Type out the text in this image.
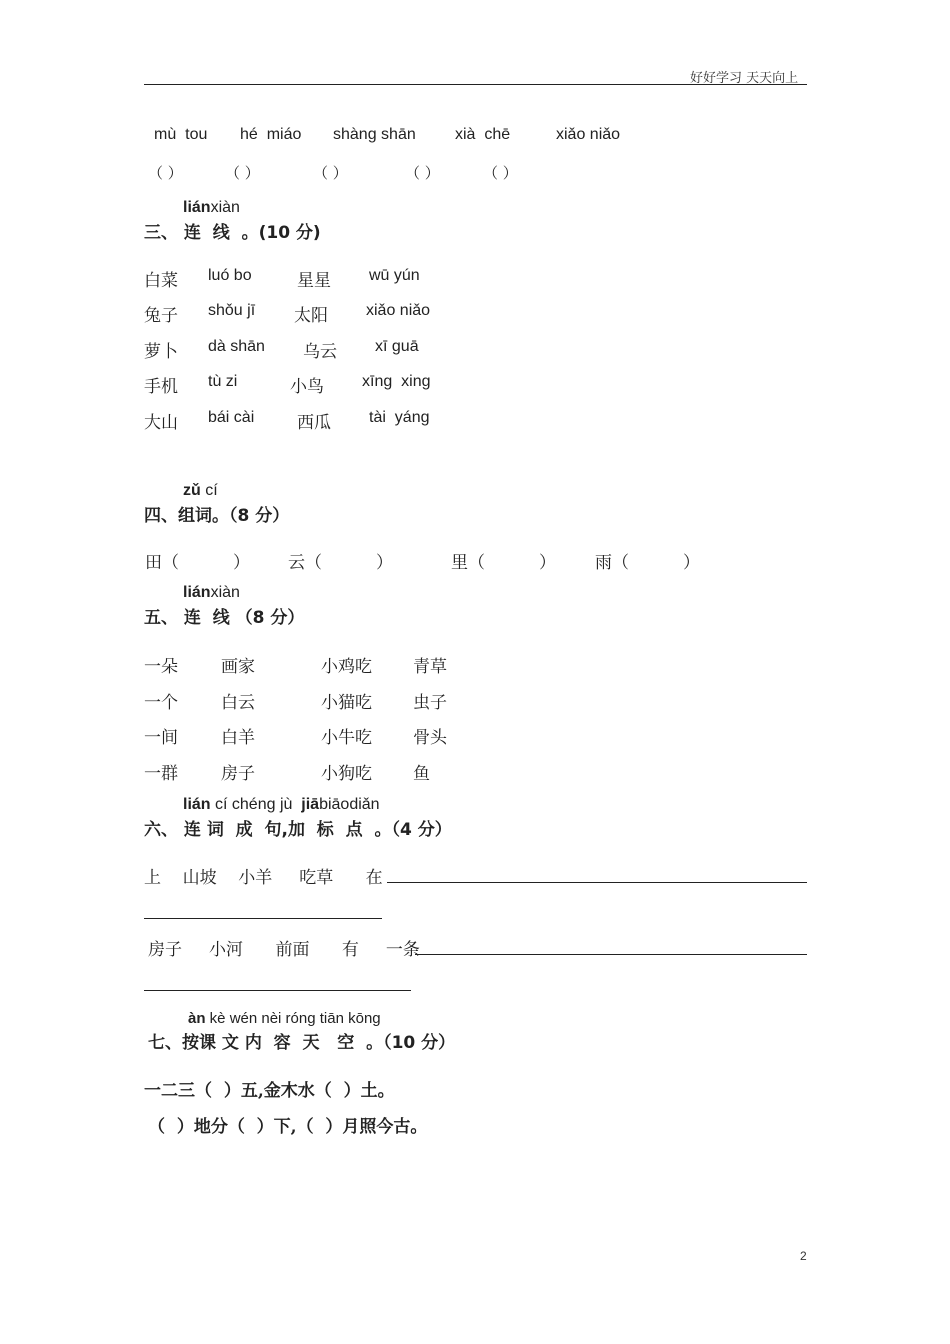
好好学习 天天向上
mù  tou hé  miáo shàng shān xià  chē	xiǎo niǎo
（ ）	（ ）	（ ）	（ ）	（ ）
liánxiàn
三、 连  线  。(10 分)
白菜 luó bo	星星 wū yún
兔子 shǒu jī 太阳 xiǎo niǎo
萝卜 dà shān 乌云 xī guā
手机 tù zi	小鸟 xīng  xing
大山 bái cài	西瓜 tài  yáng
zǔ cí
四、组词。（8 分）
田（          ） 云（          ）	里（          ） 雨（          ）
liánxiàn
五、 连  线 （8 分）
一朵	画家	小鸡吃 青草
一个	白云	小猫吃 虫子
一间	白羊	小牛吃 骨头
一群	房子	小狗吃 鱼
lián cí chéng jù  jiābiāodiǎn
六、 连 词  成  句,加  标  点  。（4 分）
上    山坡    小羊     吃草      在
房子     小河      前面      有     一条
àn kè wén nèi róng tiān kōng
七、按课 文 内  容  天   空  。（10 分）
一二三（  ）五,金木水（  ）土。
（  ）地分（  ）下,（  ）月照今古。
2
